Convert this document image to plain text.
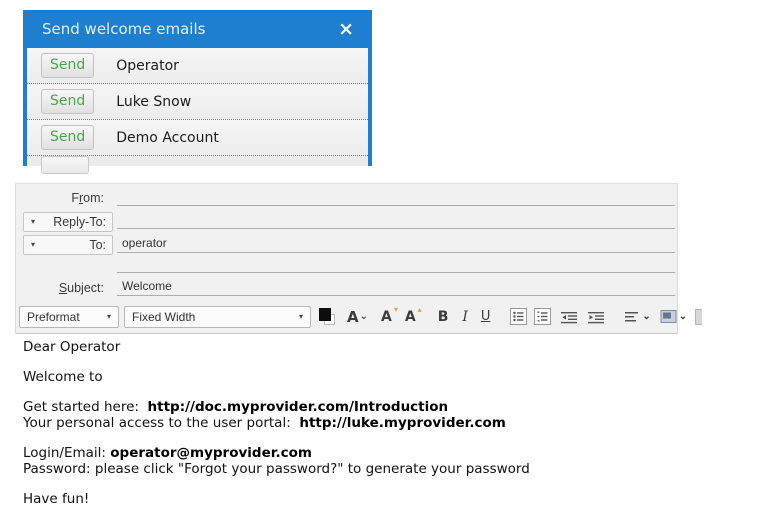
Send welcome emails	×
Send	Operator
Send	Luke Snow
Send	Demo Account
From:
▾	Reply-To:
▾	To:	operator
Subject:	Welcome
Preformat	▾ Fixed Width	▾	A ⌄ A ▾ A ▴ B I U	⌄	⌄
Dear Operator
Welcome to
Get started here:  http://doc.myprovider.com/Introduction
Your personal access to the user portal:  http://luke.myprovider.com
Login/Email: operator@myprovider.com
Password: please click "Forgot your password?" to generate your password
Have fun!
